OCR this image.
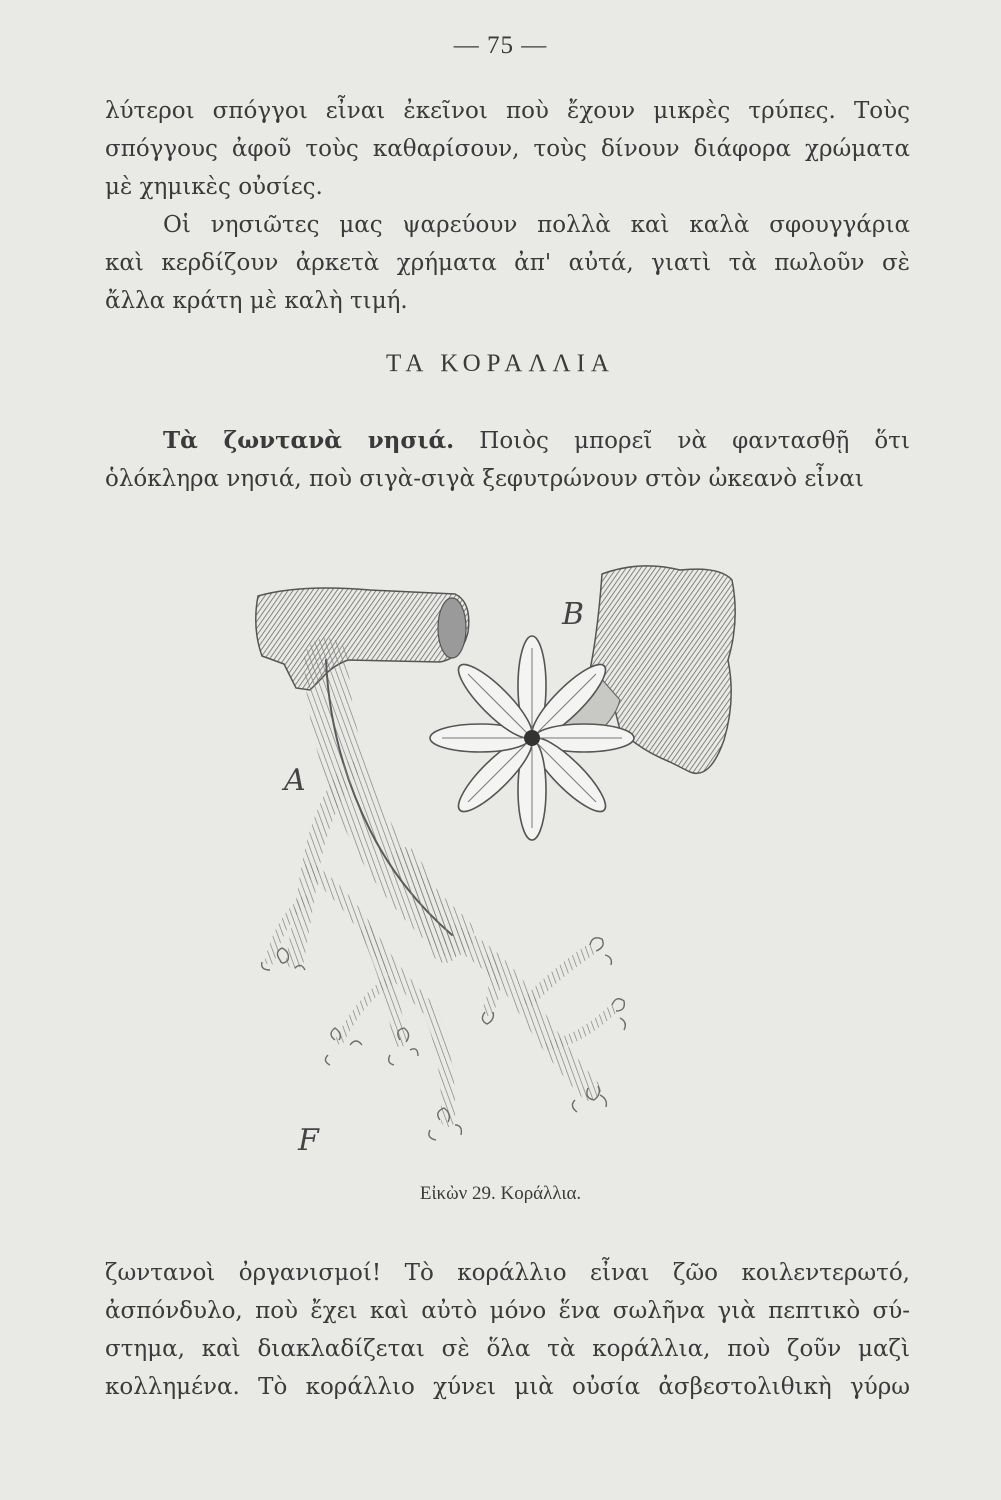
— 75 —
λύτεροι σπόγγοι εἶναι ἐκεῖνοι ποὺ ἔχουν μικρὲς τρύπες. Τοὺς
σπόγγους ἀφοῦ τοὺς καθαρίσουν, τοὺς δίνουν διάφορα χρώματα
μὲ χημικὲς οὐσίες.
Οἱ νησιῶτες μας ψαρεύουν πολλὰ καὶ καλὰ σφουγγάρια
καὶ κερδίζουν ἀρκετὰ χρήματα ἀπ' αὐτά, γιατὶ τὰ πωλοῦν σὲ
ἄλλα κράτη μὲ καλὴ τιμή.
ΤΑ ΚΟΡΑΛΛΙΑ
Τὰ ζωντανὰ νησιά. Ποιὸς μπορεῖ νὰ φαντασθῇ ὅτι
ὁλόκληρα νησιά, ποὺ σιγὰ-σιγὰ ξεφυτρώνουν στὸν ὠκεανὸ εἶναι
A
B
F
Εἰκὼν 29. Κοράλλια.
ζωντανοὶ ὀργανισμοί! Τὸ κοράλλιο εἶναι ζῶο κοιλεντερωτό,
ἀσπόνδυλο, ποὺ ἔχει καὶ αὐτὸ μόνο ἕνα σωλῆνα γιὰ πεπτικὸ σύ-
στημα, καὶ διακλαδίζεται σὲ ὅλα τὰ κοράλλια, ποὺ ζοῦν μαζὶ
κολλημένα. Τὸ κοράλλιο χύνει μιὰ οὐσία ἀσβεστολιθικὴ γύρω
